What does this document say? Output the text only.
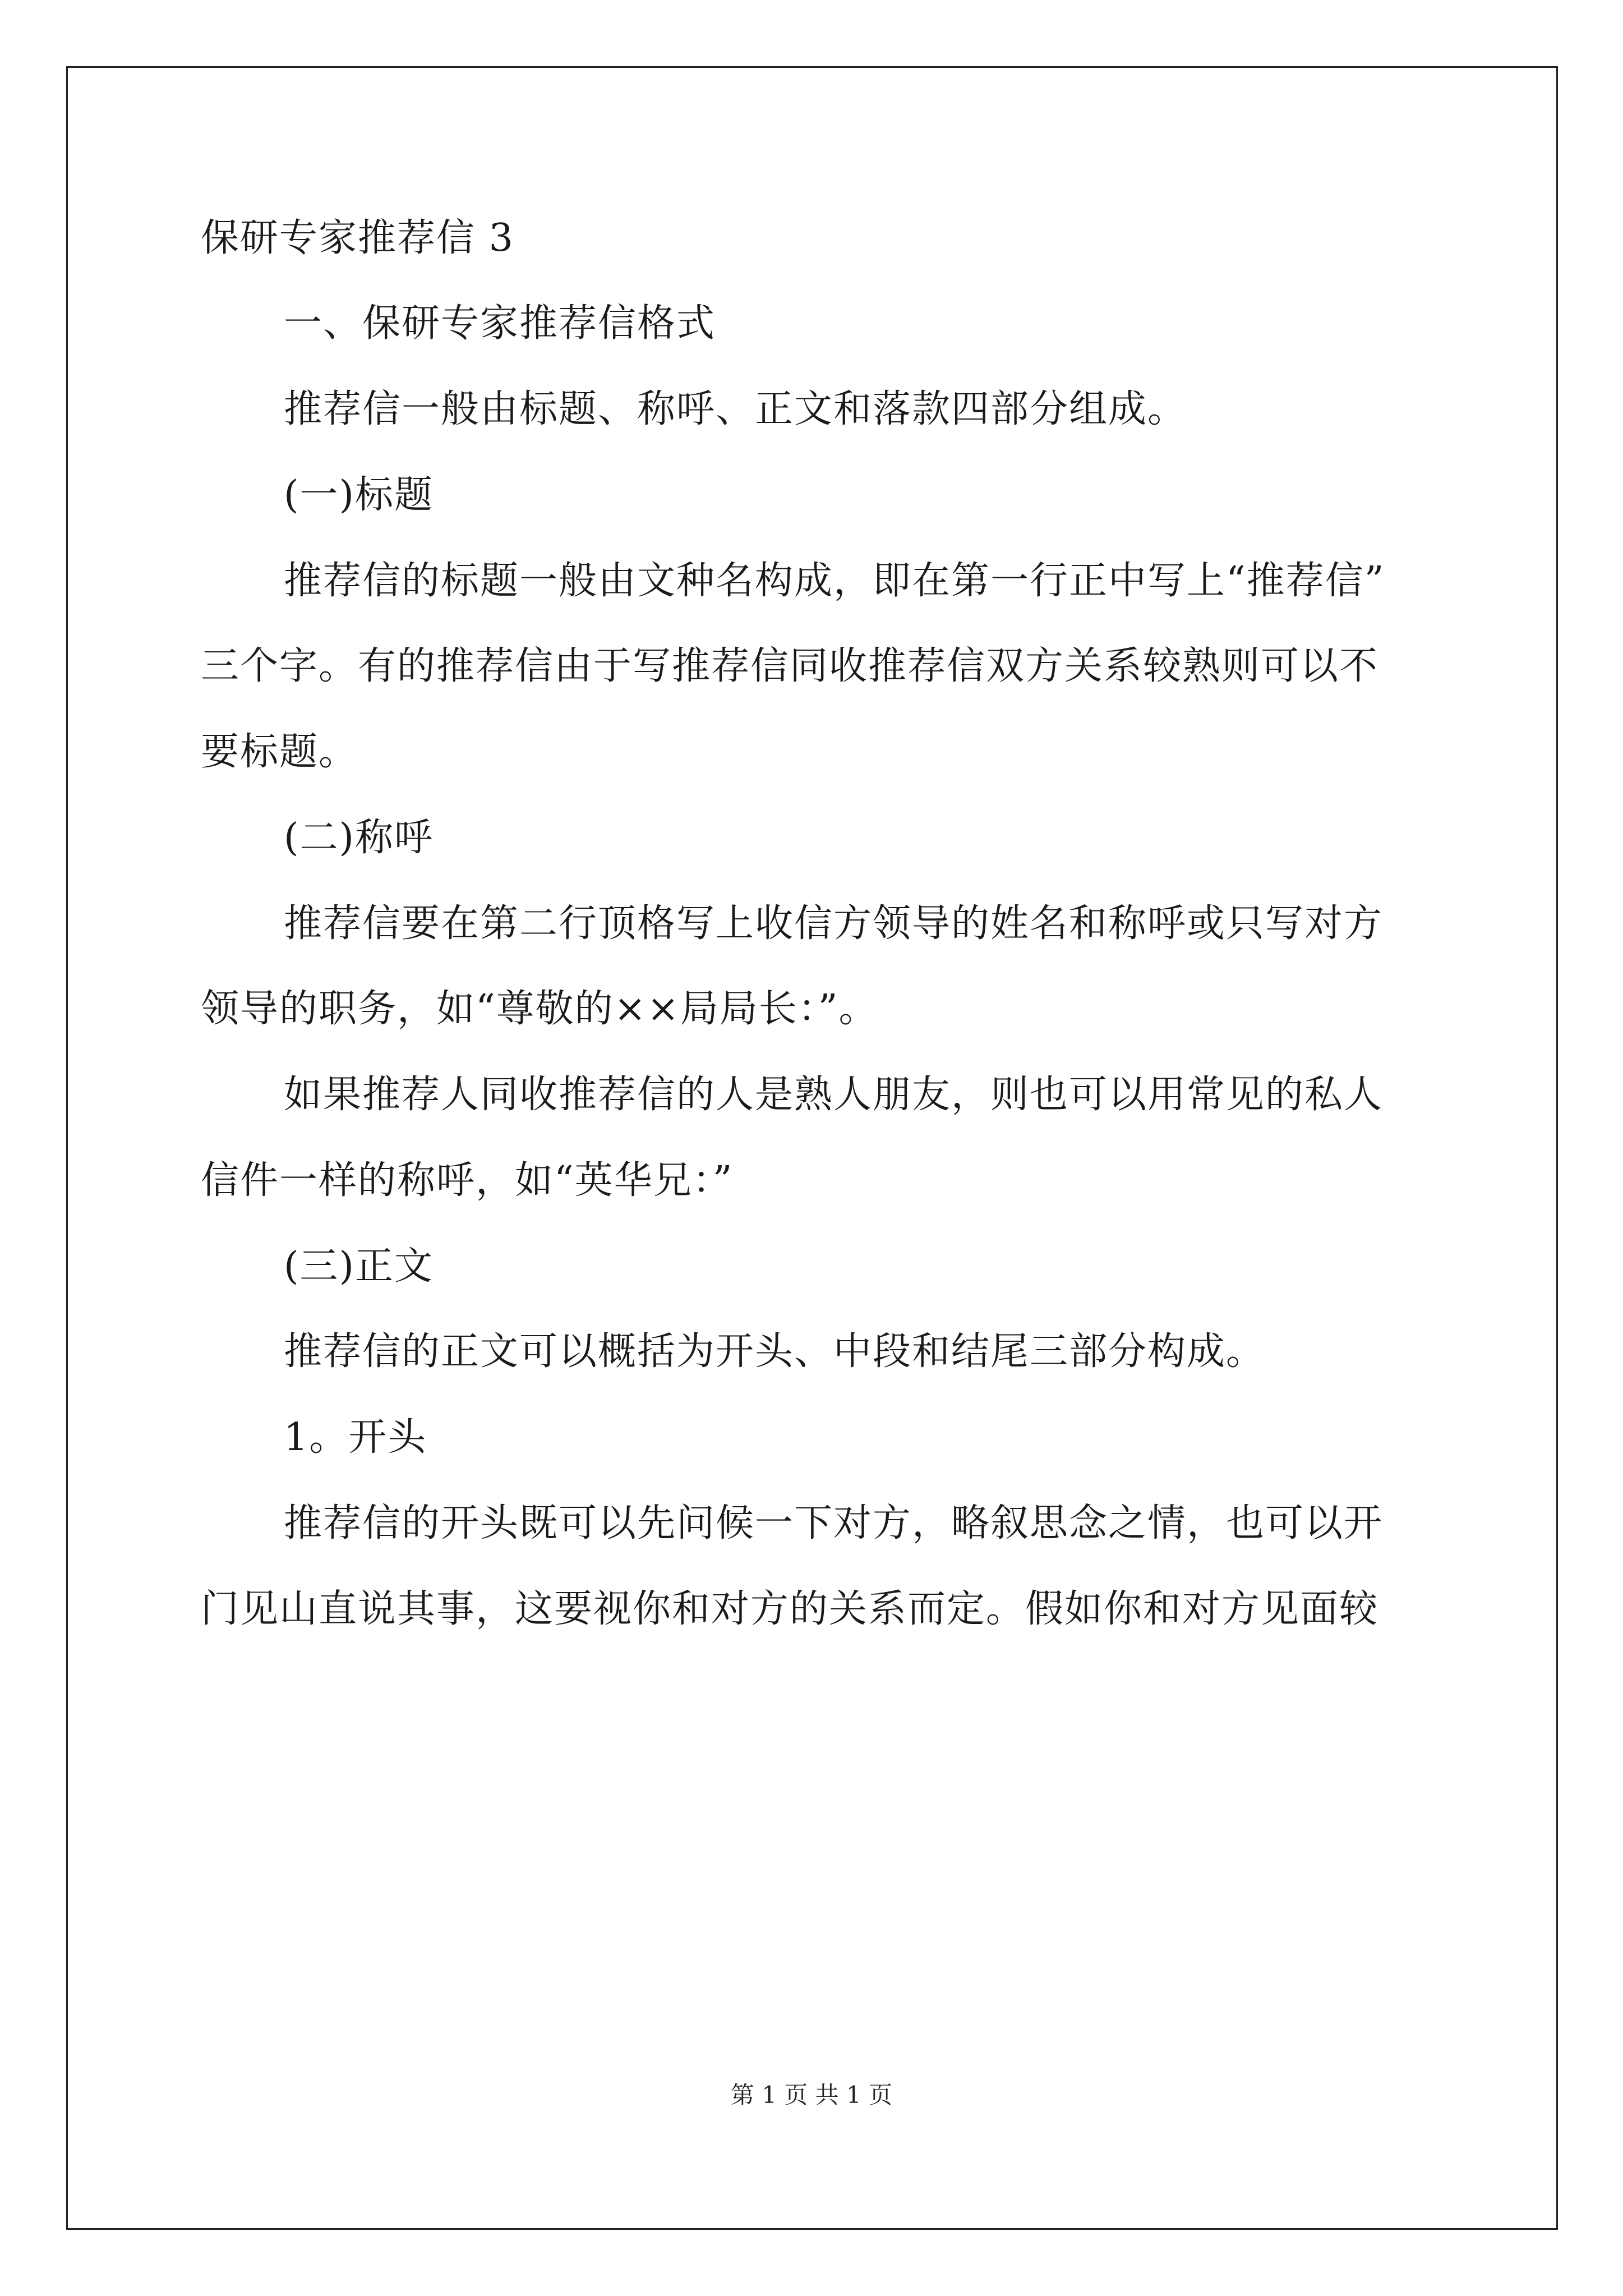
保研专家推荐信 3
一、保研专家推荐信格式
推荐信一般由标题、称呼、正文和落款四部分组成。
(一)标题
推荐信的标题一般由文种名构成，即在第一行正中写上“推荐信”
三个字。有的推荐信由于写推荐信同收推荐信双方关系较熟则可以不
要标题。
(二)称呼
推荐信要在第二行顶格写上收信方领导的姓名和称呼或只写对方
领导的职务，如“尊敬的××局局长：”。
如果推荐人同收推荐信的人是熟人朋友，则也可以用常见的私人
信件一样的称呼，如“英华兄：”
(三)正文
推荐信的正文可以概括为开头、中段和结尾三部分构成。
1。开头
推荐信的开头既可以先问候一下对方，略叙思念之情，也可以开
门见山直说其事，这要视你和对方的关系而定。假如你和对方见面较
第 1 页 共 1 页
